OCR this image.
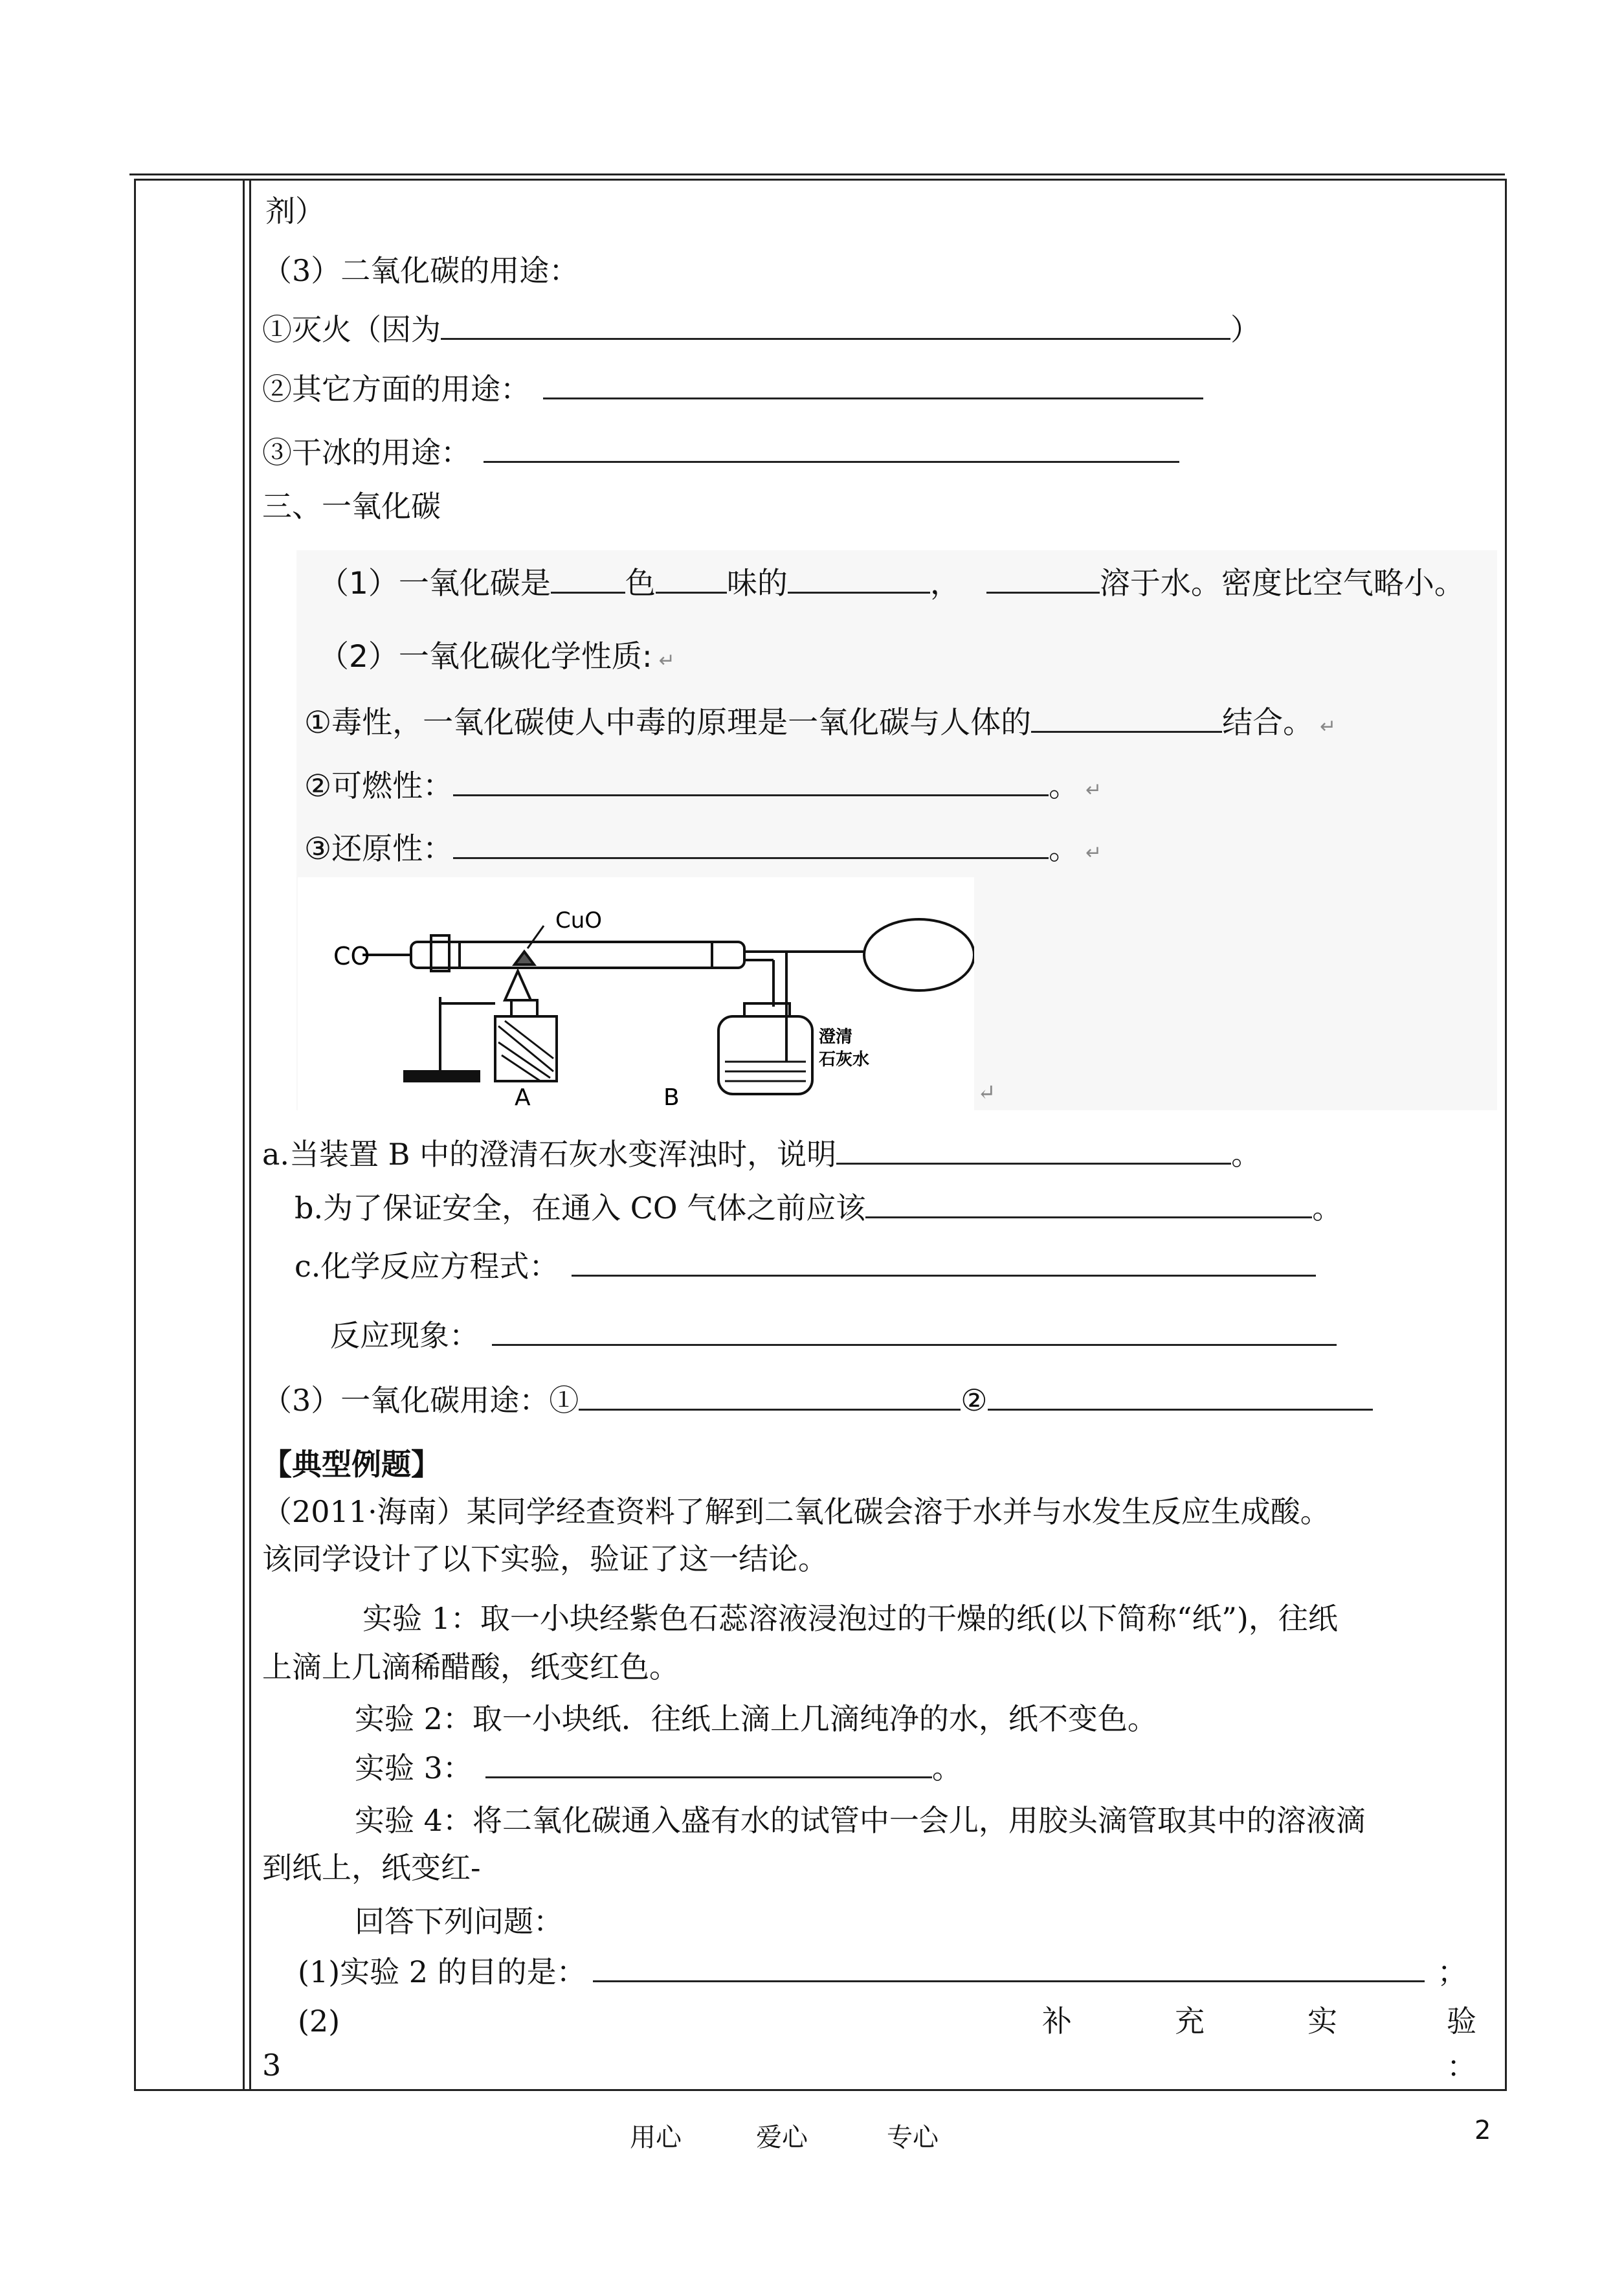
剂）
（3）二氧化碳的用途：
①灭火（因为	）
②其它方面的用途：
③干冰的用途：
三、一氧化碳
（1）一氧化碳是 色 味的	，	溶于水。密度比空气略小。
（2）一氧化碳化学性质: ↵
①毒性，一氧化碳使人中毒的原理是一氧化碳与人体的	结合。 ↵
②可燃性：	。 ↵
③还原性：	。 ↵
CO
CuO
澄清
石灰水
A	B	↵
a.当装置 B 中的澄清石灰水变浑浊时，说明	。
b.为了保证安全，在通入 CO 气体之前应该	。
c.化学反应方程式：
反应现象：
（3）一氧化碳用途：①	②
【典型例题】
（2011·海南）某同学经查资料了解到二氧化碳会溶于水并与水发生反应生成酸。
该同学设计了以下实验，验证了这一结论。
实验 1：取一小块经紫色石蕊溶液浸泡过的干燥的纸(以下简称“纸”)，往纸
上滴上几滴稀醋酸，纸变红色。
实验 2：取一小块纸．往纸上滴上几滴纯净的水，纸不变色。
实验 3：	。
实验 4：将二氧化碳通入盛有水的试管中一会儿，用胶头滴管取其中的溶液滴
到纸上，纸变红-
回答下列问题：
(1)实验 2 的目的是：	；
(2)	补	充	实	验
3	：
用心	爱心	专心	2
